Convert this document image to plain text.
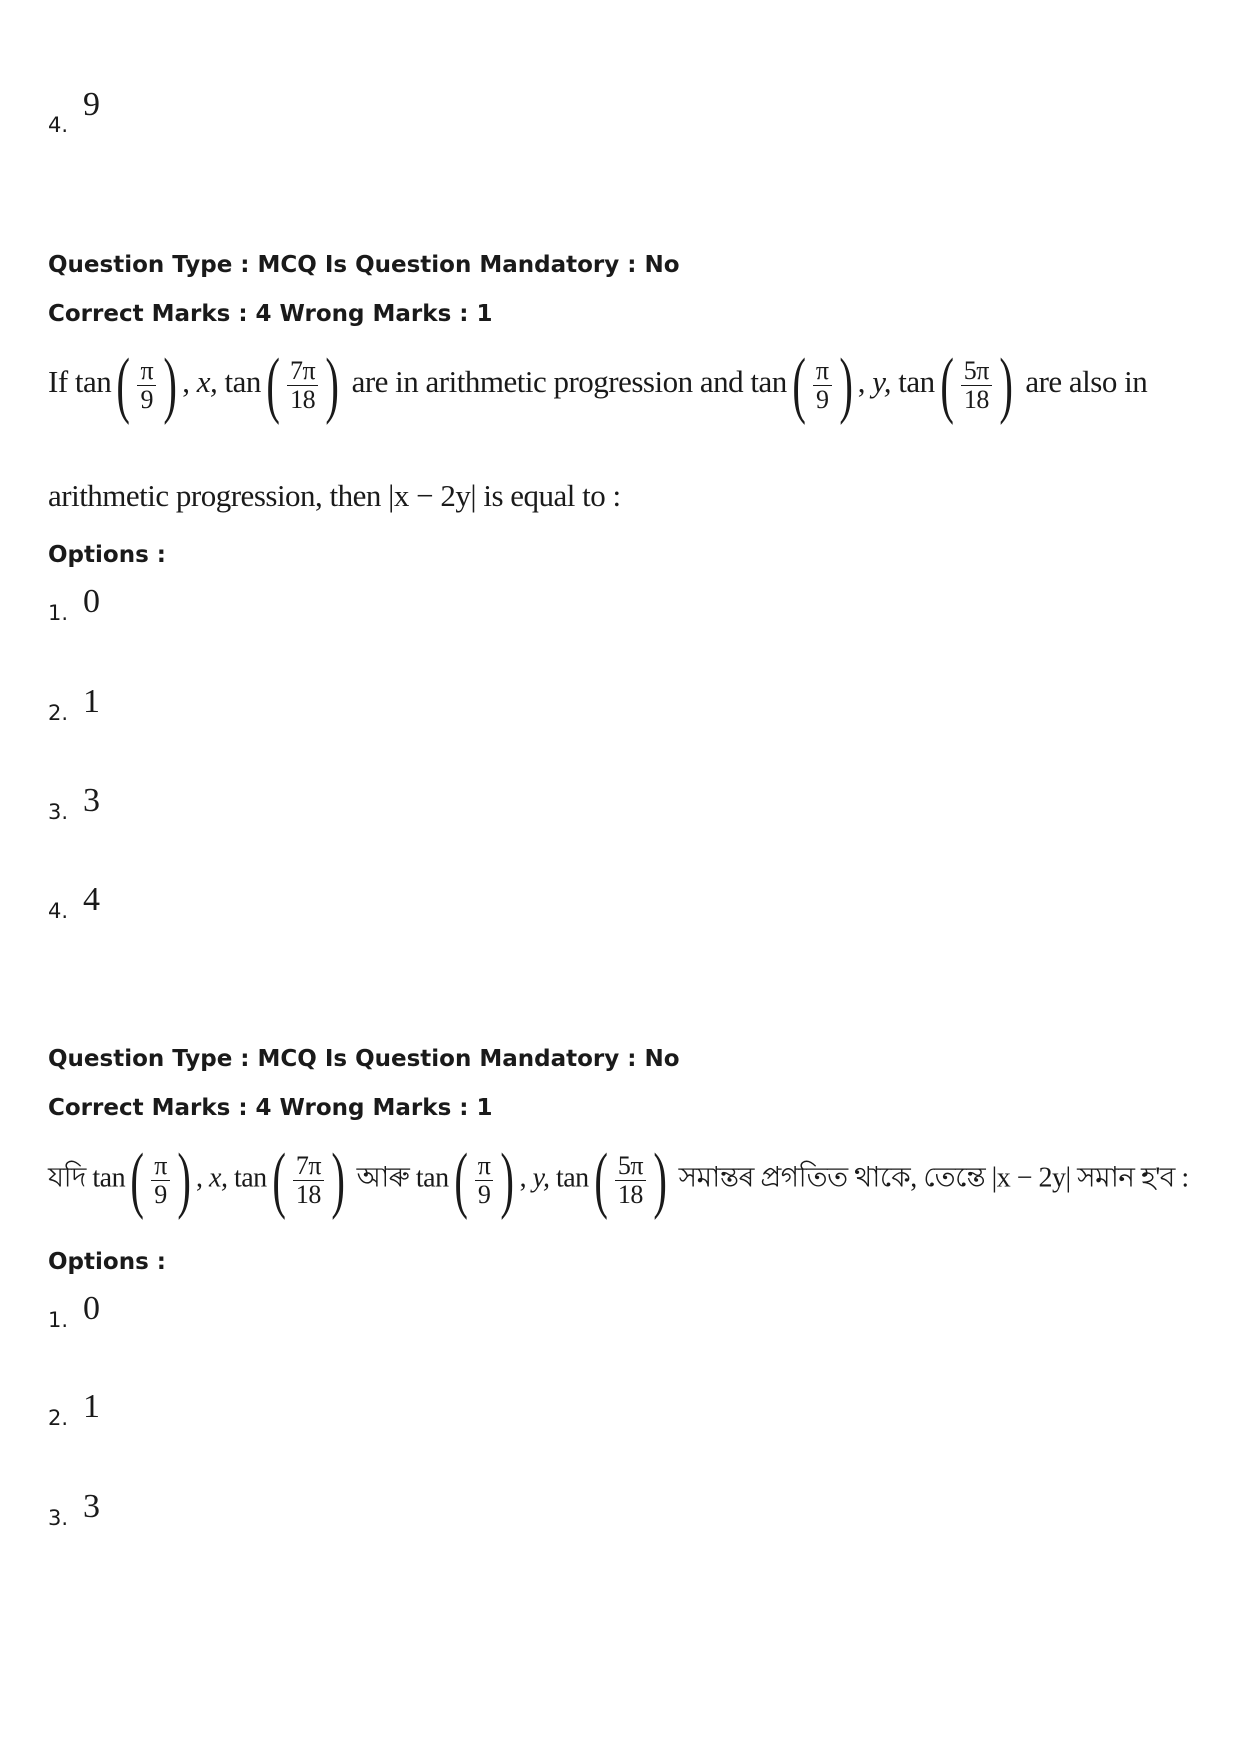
4.
9
Question Type : MCQ Is Question Mandatory : No
Correct Marks : 4 Wrong Marks : 1
If $\tan( \frac{\pi}{9}$ ) , x, $\tan( \frac{7\pi}{18}$ ) are in arithmetic progression and $\tan( \frac{\pi}{9}$ ) , y, $\tan( \frac{5\pi}{18}$ ) are also in
arithmetic progression, then |x − 2y| is equal to :
Options :
1. 0
2. 1
3. 3
4. 4
Question Type : MCQ Is Question Mandatory : No
Correct Marks : 4 Wrong Marks : 1
যদি $\tan( \frac{\pi}{9}$ ) , x, $\tan( \frac{7\pi}{18}$ ) আৰু $\tan( \frac{\pi}{9}$ ) , y, $\tan( \frac{5\pi}{18}$ ) সমান্তৰ প্ৰগতিত থাকে, তেন্তে |x − 2y| সমান হ'ব :
Options :
1. 0
2. 1
3. 3
